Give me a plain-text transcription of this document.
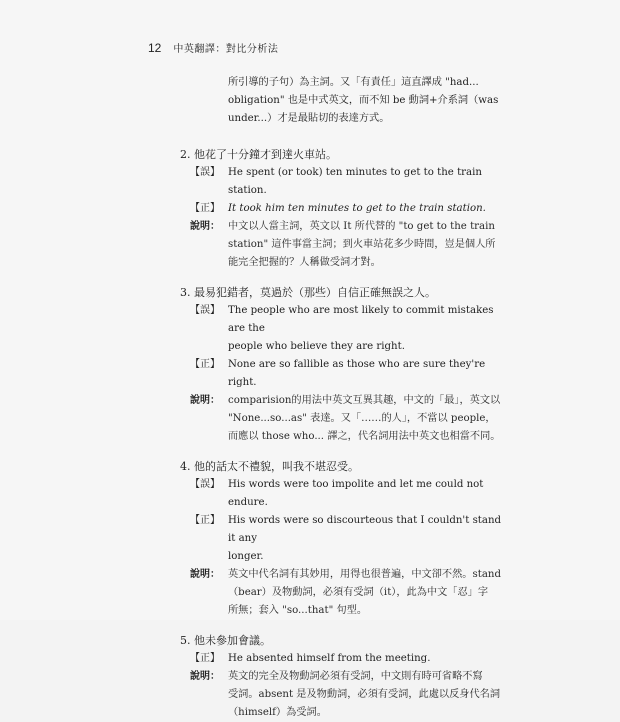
12 中英翻譯：對比分析法
所引導的子句）為主詞。又「有責任」這直譯成 "had...
obligation" 也是中式英文，而不知 be 動詞+介系詞（was
under...）才是最貼切的表達方式。
2. 他花了十分鐘才到達火車站。
【誤】 He spent (or took) ten minutes to get to the train station.
【正】 It took him ten minutes to get to the train station.
說明： 中文以人當主詞，英文以 It 所代替的 "to get to the train
station" 這件事當主詞；到火車站花多少時間，豈是個人所
能完全把握的？人稱做受詞才對。
3. 最易犯錯者，莫過於（那些）自信正確無誤之人。
【誤】 The people who are most likely to commit mistakes are the
people who believe they are right.
【正】 None are so fallible as those who are sure they're right.
說明： comparision的用法中英文互異其趣，中文的「最」，英文以
"None...so...as" 表達。又「……的人」，不當以 people，
而應以 those who... 譯之，代名詞用法中英文也相當不同。
4. 他的話太不禮貌，叫我不堪忍受。
【誤】 His words were too impolite and let me could not endure.
【正】 His words were so discourteous that I couldn't stand it any
longer.
說明： 英文中代名詞有其妙用，用得也很普遍，中文卻不然。stand
（bear）及物動詞，必須有受詞（it），此為中文「忍」字
所無；套入 "so...that" 句型。
5. 他未參加會議。
【正】 He absented himself from the meeting.
說明： 英文的完全及物動詞必須有受詞，中文則有時可省略不寫
受詞。absent 是及物動詞，必須有受詞，此處以反身代名詞
（himself）為受詞。
